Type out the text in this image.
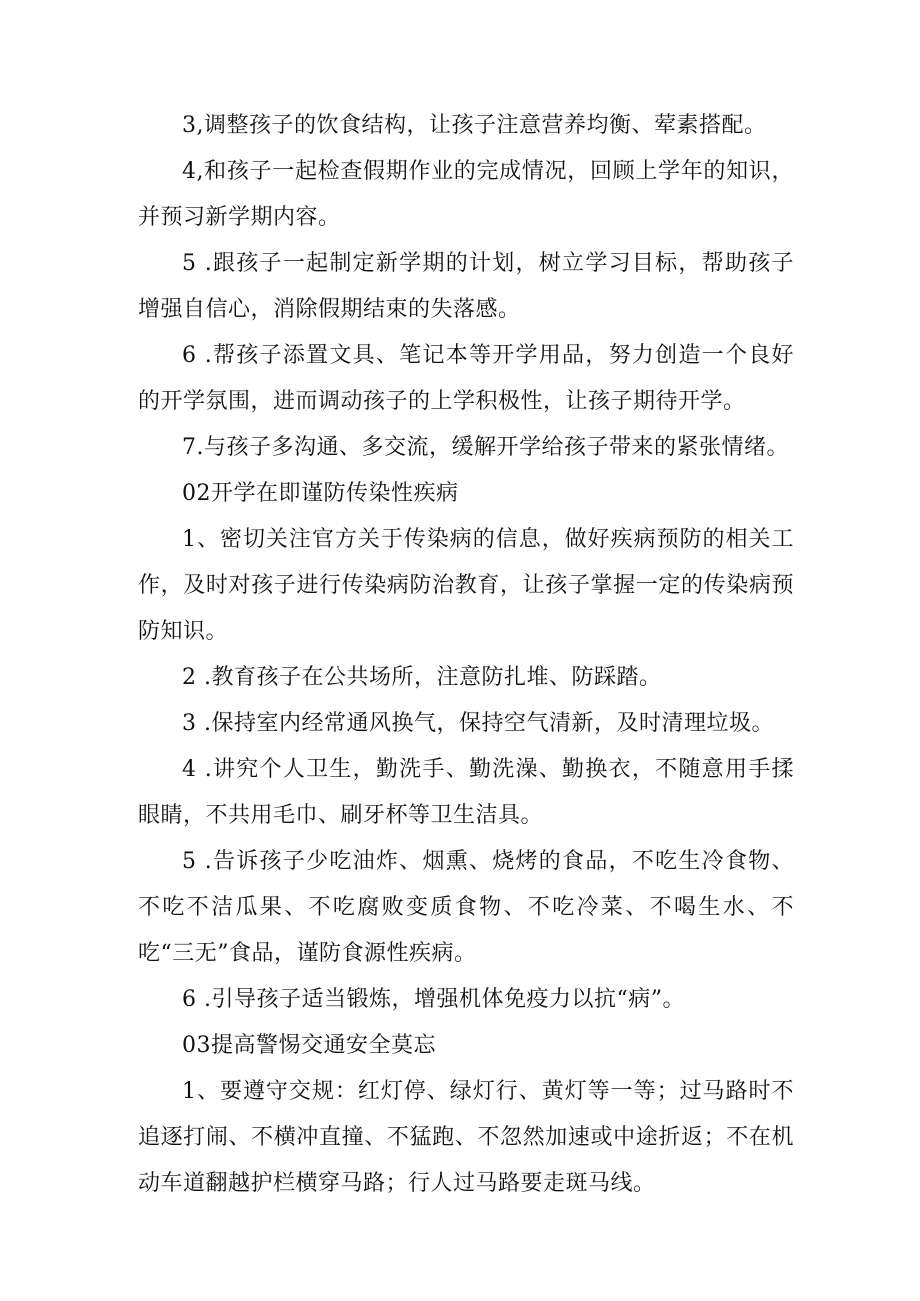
3,调整孩子的饮食结构，让孩子注意营养均衡、荤素搭配。

4,和孩子一起检查假期作业的完成情况，回顾上学年的知识，并预习新学期内容。

5 .跟孩子一起制定新学期的计划，树立学习目标，帮助孩子增强自信心，消除假期结束的失落感。

6 .帮孩子添置文具、笔记本等开学用品，努力创造一个良好的开学氛围，进而调动孩子的上学积极性，让孩子期待开学。

7.与孩子多沟通、多交流，缓解开学给孩子带来的紧张情绪。

02开学在即谨防传染性疾病

1、密切关注官方关于传染病的信息，做好疾病预防的相关工作，及时对孩子进行传染病防治教育，让孩子掌握一定的传染病预防知识。

2 .教育孩子在公共场所，注意防扎堆、防踩踏。

3 .保持室内经常通风换气，保持空气清新，及时清理垃圾。

4 .讲究个人卫生，勤洗手、勤洗澡、勤换衣，不随意用手揉眼睛，不共用毛巾、刷牙杯等卫生洁具。

5 .告诉孩子少吃油炸、烟熏、烧烤的食品，不吃生冷食物、不吃不洁瓜果、不吃腐败变质食物、不吃冷菜、不喝生水、不吃“三无”食品，谨防食源性疾病。

6 .引导孩子适当锻炼，增强机体免疫力以抗“病”。

03提高警惕交通安全莫忘

1、要遵守交规：红灯停、绿灯行、黄灯等一等；过马路时不追逐打闹、不横冲直撞、不猛跑、不忽然加速或中途折返；不在机动车道翻越护栏横穿马路；行人过马路要走斑马线。
